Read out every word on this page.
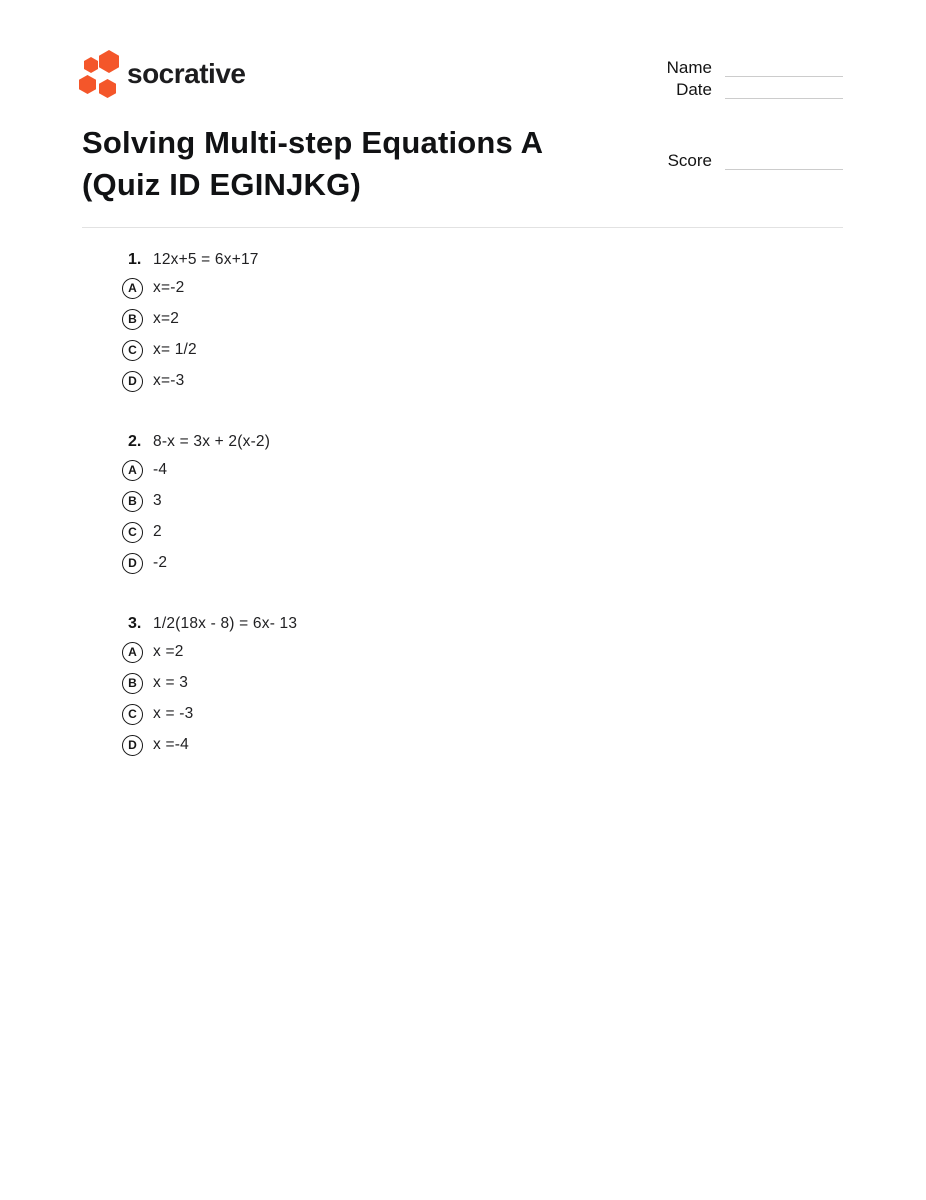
socrative	Name
Date
Score
Solving Multi-step Equations A
(Quiz ID EGINJKG)
1. 12x+5 = 6x+17
A x=-2
B x=2
C x= 1/2
D x=-3
2. 8-x = 3x + 2(x-2)
A -4
B 3
C 2
D -2
3. 1/2(18x - 8) = 6x- 13
A x =2
B x = 3
C x = -3
D x =-4
